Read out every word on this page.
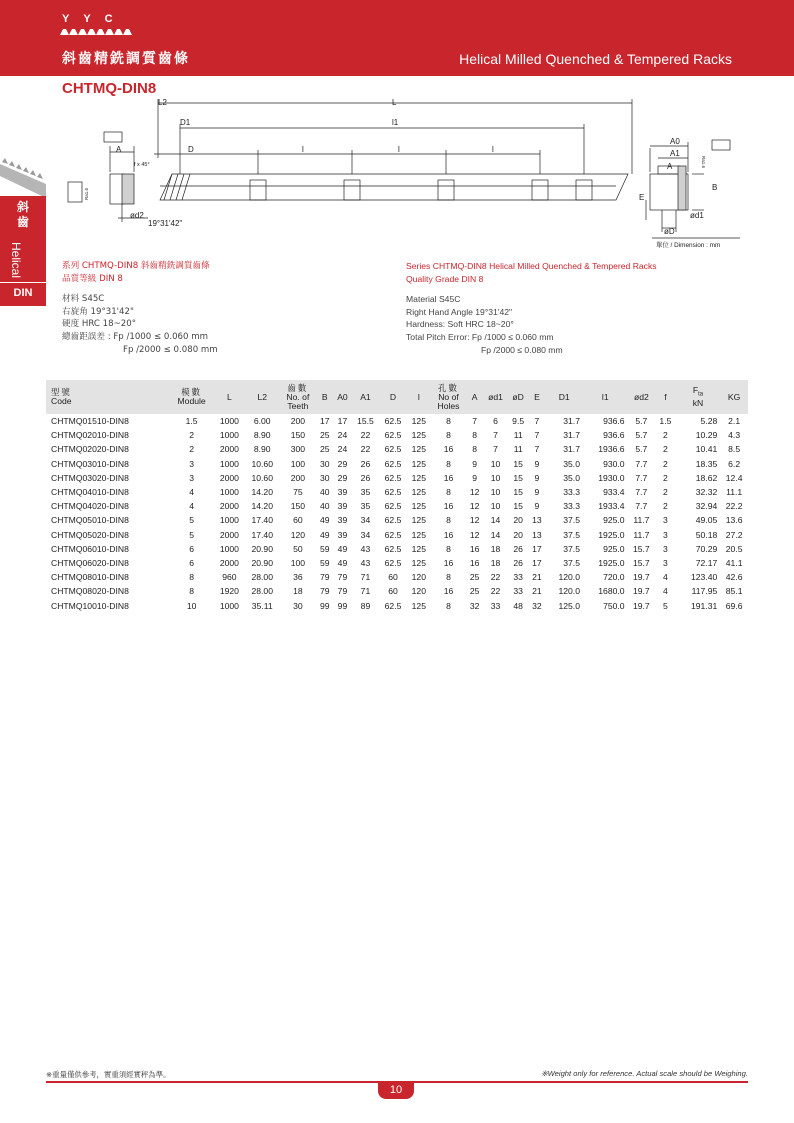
YYC
斜齒精銑調質齒條	Helical Milled Quenched & Tempered Racks
斜齒
Helical
DIN
CHTMQ-DIN8
L2	L
D1	l1
D	l	l	l
A
f x 45°
ød2
19°31'42"
Ra1.6
A0
A1
A
B
E
ød1
øD
Ra1.6
單位 / Dimension : mm
系列 CHTMQ-DIN8 斜齒精銑調質齒條
品質等級 DIN 8
材料 S45C
右旋角 19°31'42"
硬度 HRC 18~20°
總齒距誤差 : Fp /1000 ≤ 0.060 mm
Fp /2000 ≤ 0.080 mm
Series CHTMQ-DIN8 Helical Milled Quenched & Tempered Racks
Quality Grade DIN 8
Material S45C
Right Hand Angle 19°31'42"
Hardness: Soft HRC 18~20°
Total Pitch Error: Fp /1000 ≤ 0.060 mm
Fp /2000 ≤ 0.080 mm
型號
Code	模數
Module	L	L2	齒數
No. of
Teeth	B	A0	A1	D	l	孔數
No of
Holes	A	ød1	øD	E	D1	l1	ød2	f	$F_{ta}$
kN	KG
CHTMQ01510-DIN8	1.5	1000	6.00	200	17	17	15.5	62.5	125	8	7	6	9.5	7	31.7	936.6	5.7	1.5	5.28	2.1
CHTMQ02010-DIN8	2	1000	8.90	150	25	24	22	62.5	125	8	8	7	11	7	31.7	936.6	5.7	2	10.29	4.3
CHTMQ02020-DIN8	2	2000	8.90	300	25	24	22	62.5	125	16	8	7	11	7	31.7	1936.6	5.7	2	10.41	8.5
CHTMQ03010-DIN8	3	1000	10.60	100	30	29	26	62.5	125	8	9	10	15	9	35.0	930.0	7.7	2	18.35	6.2
CHTMQ03020-DIN8	3	2000	10.60	200	30	29	26	62.5	125	16	9	10	15	9	35.0	1930.0	7.7	2	18.62	12.4
CHTMQ04010-DIN8	4	1000	14.20	75	40	39	35	62.5	125	8	12	10	15	9	33.3	933.4	7.7	2	32.32	11.1
CHTMQ04020-DIN8	4	2000	14.20	150	40	39	35	62.5	125	16	12	10	15	9	33.3	1933.4	7.7	2	32.94	22.2
CHTMQ05010-DIN8	5	1000	17.40	60	49	39	34	62.5	125	8	12	14	20	13	37.5	925.0	11.7	3	49.05	13.6
CHTMQ05020-DIN8	5	2000	17.40	120	49	39	34	62.5	125	16	12	14	20	13	37.5	1925.0	11.7	3	50.18	27.2
CHTMQ06010-DIN8	6	1000	20.90	50	59	49	43	62.5	125	8	16	18	26	17	37.5	925.0	15.7	3	70.29	20.5
CHTMQ06020-DIN8	6	2000	20.90	100	59	49	43	62.5	125	16	16	18	26	17	37.5	1925.0	15.7	3	72.17	41.1
CHTMQ08010-DIN8	8	960	28.00	36	79	79	71	60	120	8	25	22	33	21	120.0	720.0	19.7	4	123.40	42.6
CHTMQ08020-DIN8	8	1920	28.00	18	79	79	71	60	120	16	25	22	33	21	120.0	1680.0	19.7	4	117.95	85.1
CHTMQ10010-DIN8	10	1000	35.11	30	99	99	89	62.5	125	8	32	33	48	32	125.0	750.0	19.7	5	191.31	69.6
※重量僅供參考，實重須經實秤為準。	※Weight only for reference. Actual scale should be Weighing.
10
